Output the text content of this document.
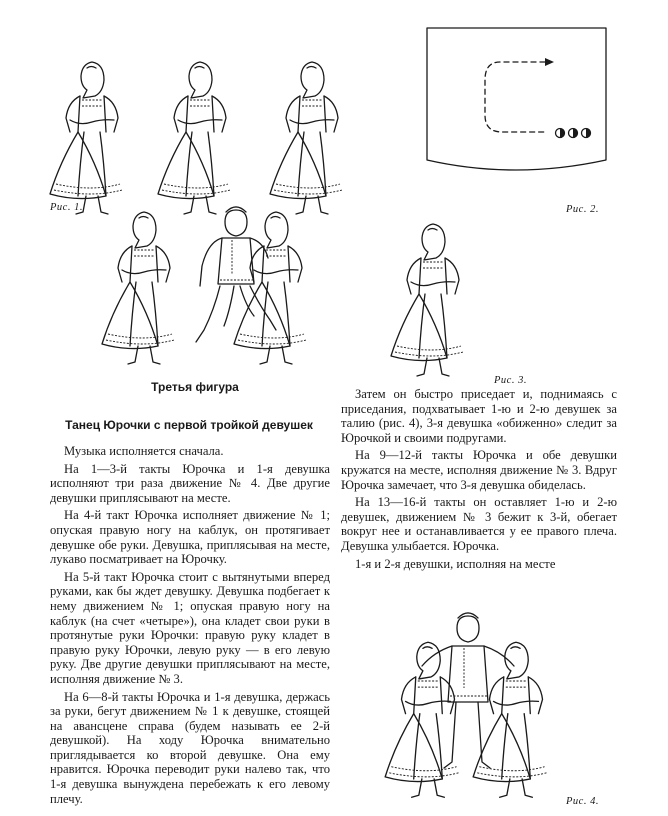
Рис. 1.	Рис. 2.
Рис. 3.
Третья фигура
Танец Юрочки с первой тройкой девушек

Музыка исполняется сначала.

На 1—3-й такты Юрочка и 1-я девушка исполняют три раза движение № 4. Две другие девушки приплясывают на месте.

На 4-й такт Юрочка исполняет движение № 1; опуская правую ногу на каблук, он протягивает девушке обе руки. Девушка, приплясывая на месте, лукаво посматривает на Юрочку.

На 5-й такт Юрочка стоит с вытянутыми вперед руками, как бы ждет девушку. Девушка подбегает к нему движением № 1; опуская правую ногу на каблук (на счет «четыре»), она кладет свои руки в протянутые руки Юрочки: правую руку кладет в правую руку Юрочки, левую руку — в его левую руку. Две другие девушки приплясывают на месте, исполняя движение № 3.

На 6—8-й такты Юрочка и 1-я девушка, держась за руки, бегут движением № 1 к девушке, стоящей на авансцене справа (будем называть ее 2-й девушкой). На ходу Юрочка внимательно приглядывается ко второй девушке. Она ему нравится. Юрочка переводит руки налево так, что 1-я девушка вынуждена перебежать к его левому плечу.

Затем он быстро приседает и, поднимаясь с приседания, подхватывает 1-ю и 2-ю девушек за талию (рис. 4), 3-я девушка «обиженно» следит за Юрочкой и своими подругами.

На 9—12-й такты Юрочка и обе девушки кружатся на месте, исполняя движение № 3. Вдруг Юрочка замечает, что 3-я девушка обиделась.

На 13—16-й такты он оставляет 1-ю и 2-ю девушек, движением № 3 бежит к 3-й, обегает вокруг нее и останавливается у ее правого плеча. Девушка улыбается. Юрочка.

1-я и 2-я девушки, исполняя на месте

Рис. 4.
